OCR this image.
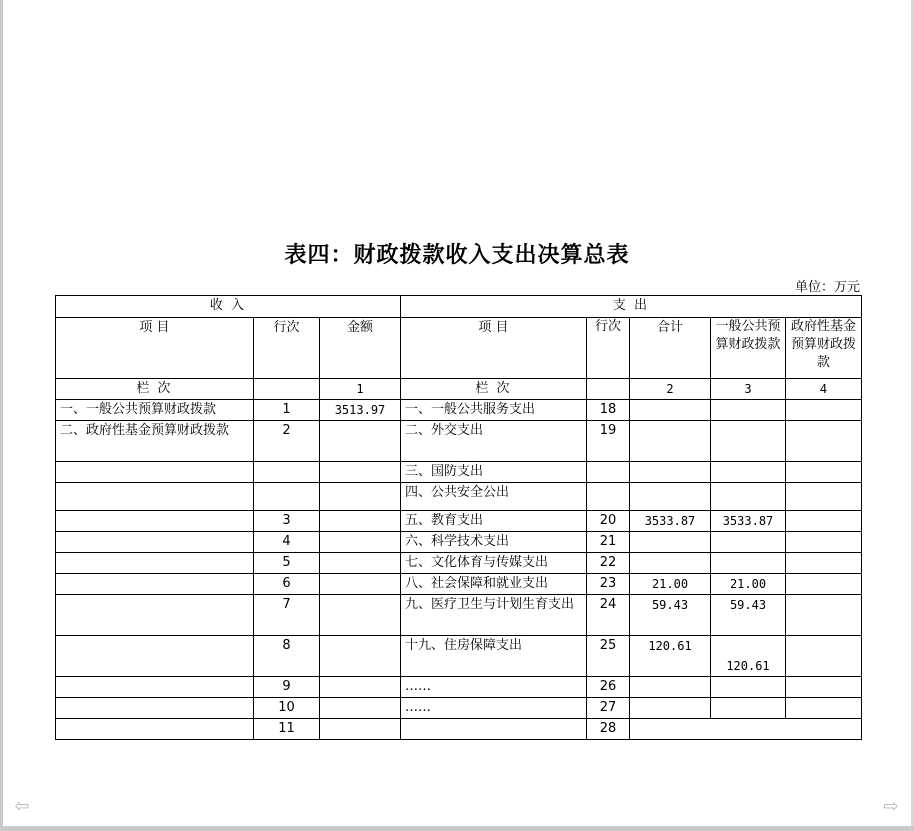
表四：财政拨款收入支出决算总表
单位：万元
收 入			支 出				
项 目	行次	金额	项 目	行次	合计	一般公共预算财政拨款	政府性基金预算财政拨款
栏 次		1	栏 次		2	3	4
一、一般公共预算财政拨款	1	3513.97	一、一般公共服务支出	18			
二、政府性基金预算财政拨款	2		二、外交支出	19			
			三、国防支出				
			四、公共安全公出				
	3		五、教育支出	20	3533.87	3533.87	
	4		六、科学技术支出	21			
	5		七、文化体育与传媒支出	22			
	6		八、社会保障和就业支出	23	21.00	21.00	
	7		九、医疗卫生与计划生育支出	24	59.43	59.43	
	8		十九、住房保障支出	25	120.61	120.61	

	9		……	26			
	10		……	27			
	11			28			
⇦	⇨
